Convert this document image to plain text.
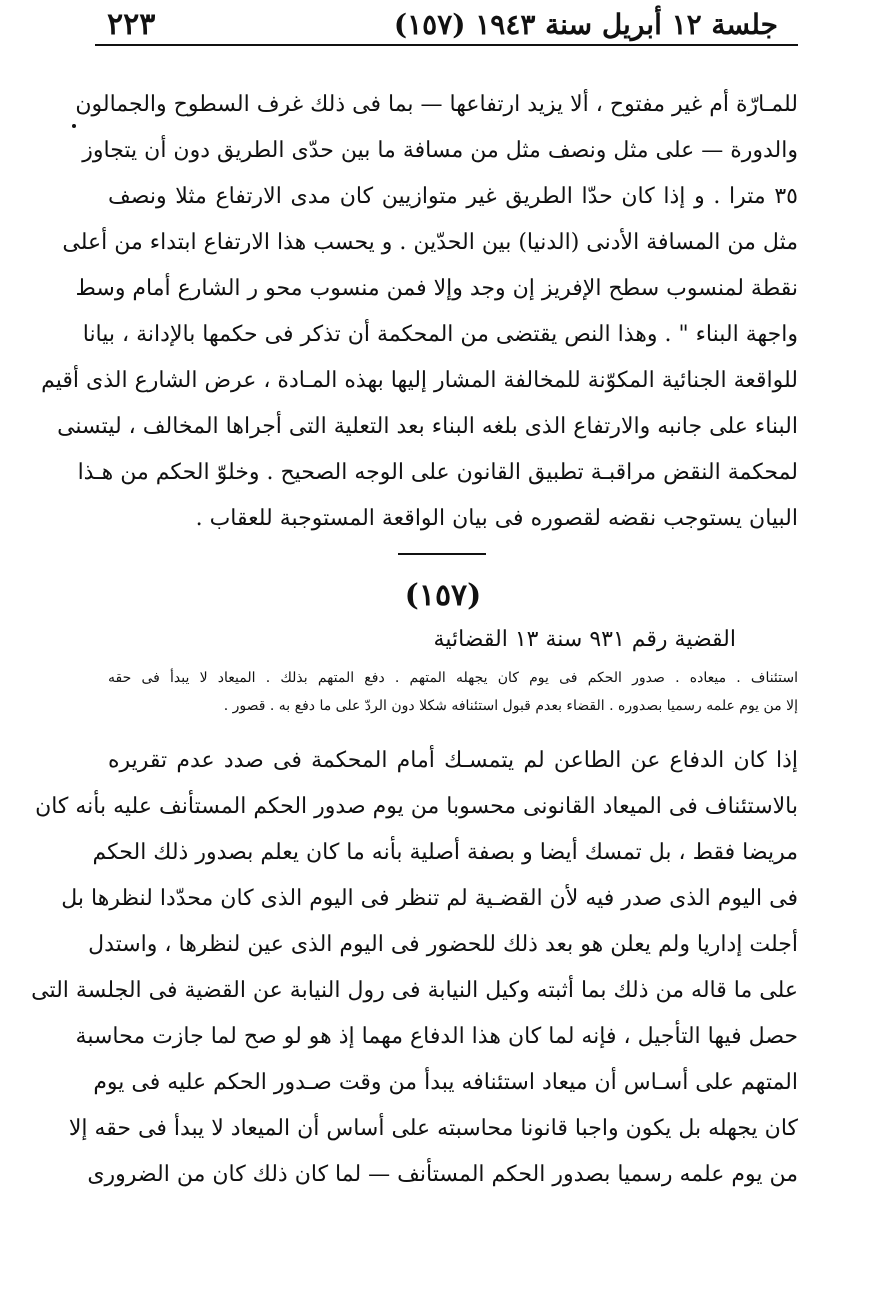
٢٢٣	جلسة ١٢ أبريل سنة ١٩٤٣ (١٥٧)
للمـارّة أم غير مفتوح ، ألا يزيد ارتفاعها — بما فى ذلك غرف السطوح والجمالون
والدورة — على مثل ونصف مثل من مسافة ما بين حدّى الطريق دون أن يتجاوز
٣٥ مترا . و إذا كان حدّا الطريق غير متوازيين كان مدى الارتفاع مثلا ونصف
مثل من المسافة الأدنى (الدنيا) بين الحدّين . و يحسب هذا الارتفاع ابتداء من أعلى
نقطة لمنسوب سطح الإفريز إن وجد وإلا فمن منسوب محو ر الشارع أمام وسط
واجهة البناء " . وهذا النص يقتضى من المحكمة أن تذكر فى حكمها بالإدانة ، بيانا
للواقعة الجنائية المكوّنة للمخالفة المشار إليها بهذه المـادة ، عرض الشارع الذى أقيم
البناء على جانبه والارتفاع الذى بلغه البناء بعد التعلية التى أجراها المخالف ، ليتسنى
لمحكمة النقض مراقبـة تطبيق القانون على الوجه الصحيح . وخلوّ الحكم من هـذا
البيان يستوجب نقضه لقصوره فى بيان الواقعة المستوجبة للعقاب .
(١٥٧)
القضية رقم ٩٣١ سنة ١٣ القضائية
استئناف . ميعاده . صدور الحكم فى يوم كان يجهله المتهم . دفع المتهم بذلك . الميعاد لا يبدأ فى حقه
إلا من يوم علمه رسميا بصدوره . القضاء بعدم قبول استئنافه شكلا دون الردّ على ما دفع به . قصور .
إذا كان الدفاع عن الطاعن لم يتمسـك أمام المحكمة فى صدد عدم تقريره
بالاستئناف فى الميعاد القانونى محسوبا من يوم صدور الحكم المستأنف عليه بأنه كان
مريضا فقط ، بل تمسك أيضا و بصفة أصلية بأنه ما كان يعلم بصدور ذلك الحكم
فى اليوم الذى صدر فيه لأن القضـية لم تنظر فى اليوم الذى كان محدّدا لنظرها بل
أجلت إداريا ولم يعلن هو بعد ذلك للحضور فى اليوم الذى عين لنظرها ، واستدل
على ما قاله من ذلك بما أثبته وكيل النيابة فى رول النيابة عن القضية فى الجلسة التى
حصل فيها التأجيل ، فإنه لما كان هذا الدفاع مهما إذ هو لو صح لما جازت محاسبة
المتهم على أسـاس أن ميعاد استئنافه يبدأ من وقت صـدور الحكم عليه فى يوم
كان يجهله بل يكون واجبا قانونا محاسبته على أساس أن الميعاد لا يبدأ فى حقه إلا
من يوم علمه رسميا بصدور الحكم المستأنف — لما كان ذلك كان من الضرورى
